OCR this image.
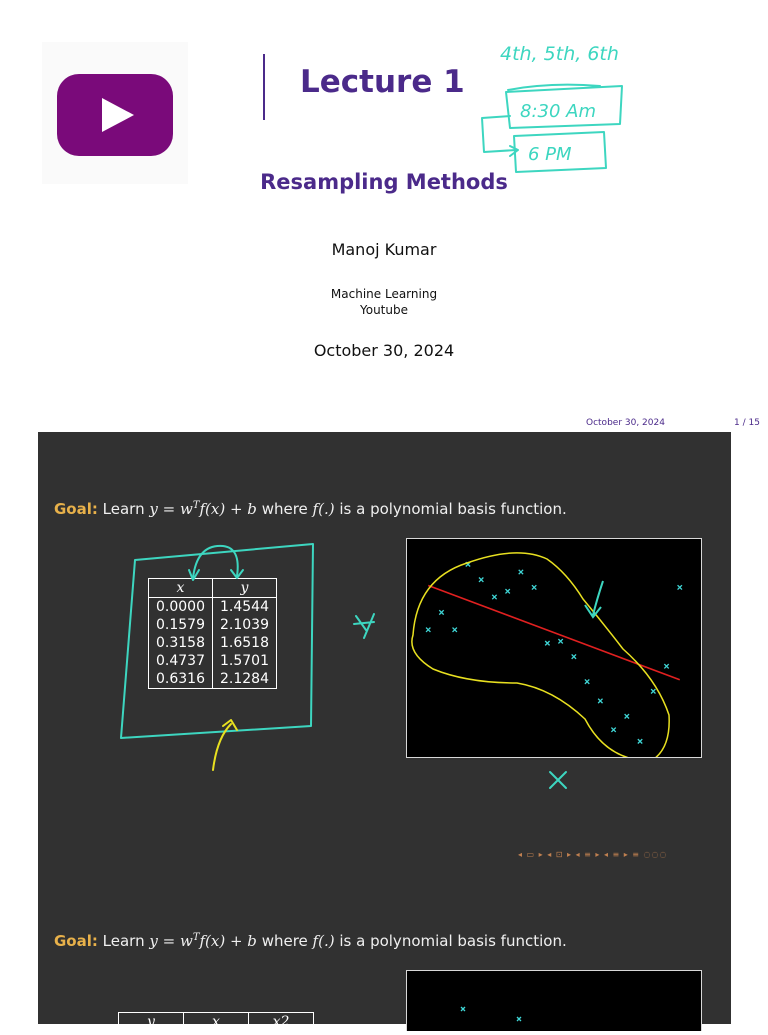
Lecture 1
Resampling Methods
Manoj Kumar
Machine Learning
Youtube
October 30, 2024
October 30, 2024	1 / 15
4th, 5th, 6th
8:30 Am
6 PM
Goal: Learn $y = w^Tf(x) + b$ where f(.) is a polynomial basis function.
x	y
0.0000	1.4544
0.1579	2.1039
0.3158	1.6518
0.4737	1.5701
0.6316	2.1284
◂ ▭ ▸ ◂ ⊡ ▸ ◂ ≡ ▸ ◂ ≡ ▸ ≡ ◌◌◌
Goal: Learn $y = w^Tf(x) + b$ where f(.) is a polynomial basis function.
y	x	x2
